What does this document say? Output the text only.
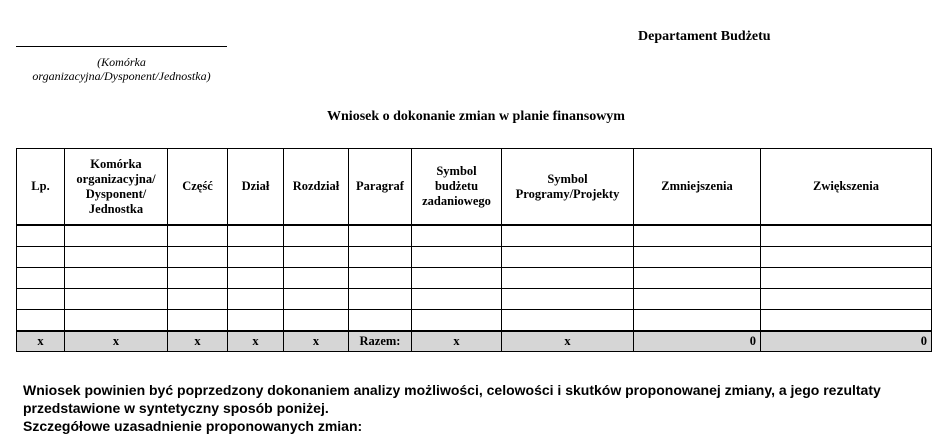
(Komórka
organizacyjna/Dysponent/Jednostka)
Departament Budżetu
Wniosek o dokonanie zmian w planie finansowym
Lp.	Komórka organizacyjna/ Dysponent/ Jednostka	Część	Dział	Rozdział	Paragraf	Symbol budżetu zadaniowego	Symbol Programy/Projekty	Zmniejszenia	Zwiększenia

x	x	x	x	x	Razem:	x	x	0	0

Wniosek powinien być poprzedzony dokonaniem analizy możliwości, celowości i skutków proponowanej zmiany, a jego rezultaty przedstawione w syntetyczny sposób poniżej.

Szczegółowe uzasadnienie proponowanych zmian:
